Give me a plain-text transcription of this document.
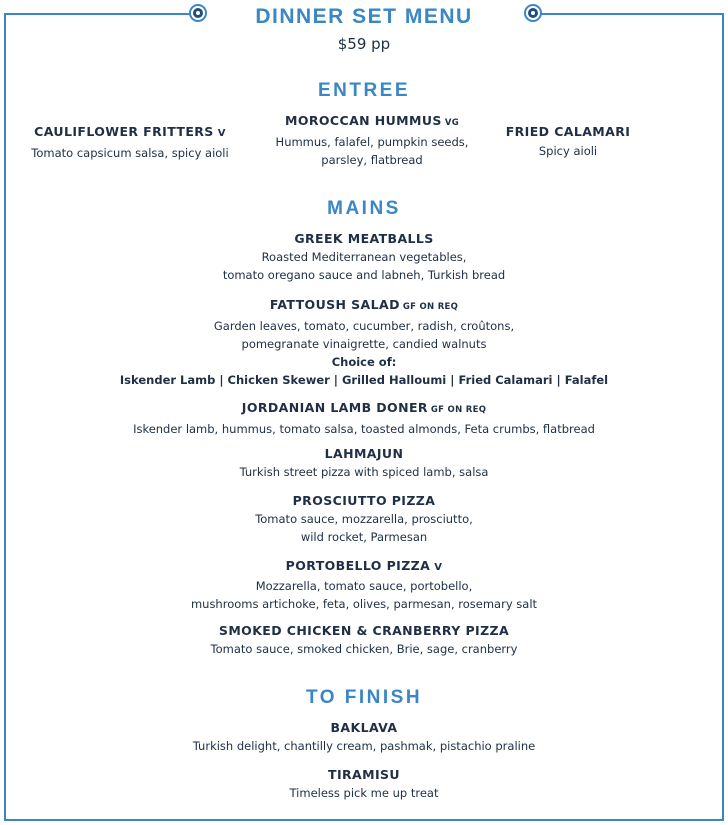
DINNER SET MENU
$59 pp
ENTREE
CAULIFLOWER FRITTERS V
Tomato capsicum salsa, spicy aioli
MOROCCAN HUMMUS VG
Hummus, falafel, pumpkin seeds,
parsley, flatbread
FRIED CALAMARI
Spicy aioli
MAINS
GREEK MEATBALLS
Roasted Mediterranean vegetables,
tomato oregano sauce and labneh, Turkish bread
FATTOUSH SALAD GF ON REQ
Garden leaves, tomato, cucumber, radish, croûtons,
pomegranate vinaigrette, candied walnuts
Choice of:
Iskender Lamb | Chicken Skewer | Grilled Halloumi | Fried Calamari | Falafel
JORDANIAN LAMB DONER GF ON REQ
Iskender lamb, hummus, tomato salsa, toasted almonds, Feta crumbs, flatbread
LAHMAJUN
Turkish street pizza with spiced lamb, salsa
PROSCIUTTO PIZZA
Tomato sauce, mozzarella, prosciutto,
wild rocket, Parmesan
PORTOBELLO PIZZA V
Mozzarella, tomato sauce, portobello,
mushrooms artichoke, feta, olives, parmesan, rosemary salt
SMOKED CHICKEN & CRANBERRY PIZZA
Tomato sauce, smoked chicken, Brie, sage, cranberry
TO FINISH
BAKLAVA
Turkish delight, chantilly cream, pashmak, pistachio praline
TIRAMISU
Timeless pick me up treat
